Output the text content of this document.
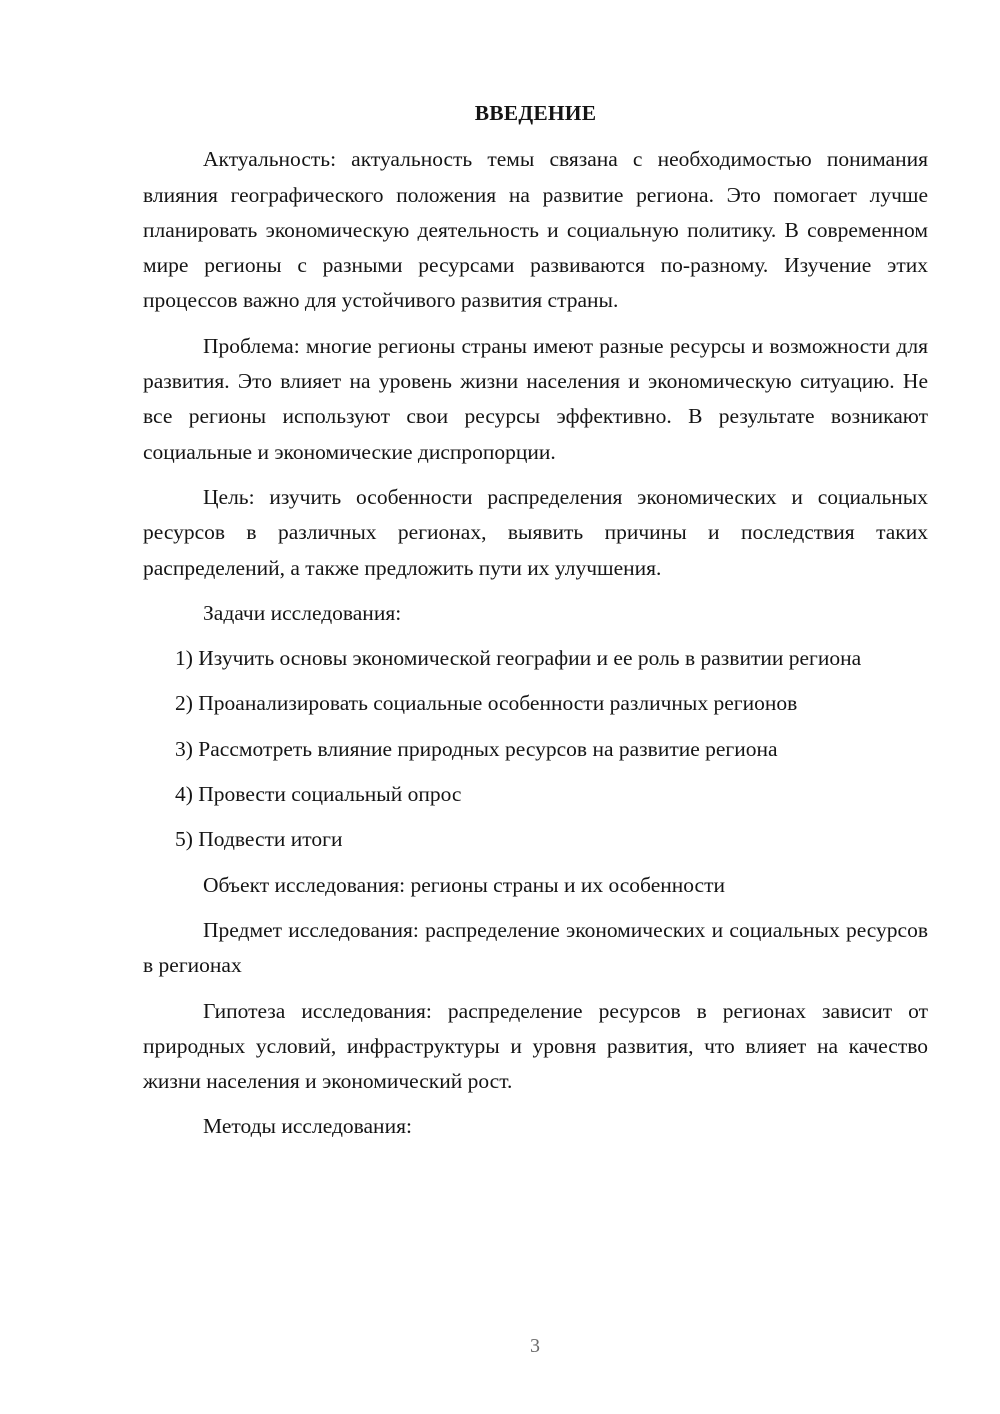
ВВЕДЕНИЕ

Актуальность: актуальность темы связана с необходимостью понимания влияния географического положения на развитие региона. Это помогает лучше планировать экономическую деятельность и социальную политику. В современном мире регионы с разными ресурсами развиваются по-разному. Изучение этих процессов важно для устойчивого развития страны.

Проблема: многие регионы страны имеют разные ресурсы и возможности для развития. Это влияет на уровень жизни населения и экономическую ситуацию. Не все регионы используют свои ресурсы эффективно. В результате возникают социальные и экономические диспропорции.

Цель: изучить особенности распределения экономических и социальных ресурсов в различных регионах, выявить причины и последствия таких распределений, а также предложить пути их улучшения.

Задачи исследования:

1) Изучить основы экономической географии и ее роль в развитии региона

2) Проанализировать социальные особенности различных регионов

3) Рассмотреть влияние природных ресурсов на развитие региона

4) Провести социальный опрос

5) Подвести итоги

Объект исследования: регионы страны и их особенности

Предмет исследования: распределение экономических и социальных ресурсов в регионах

Гипотеза исследования: распределение ресурсов в регионах зависит от природных условий, инфраструктуры и уровня развития, что влияет на качество жизни населения и экономический рост.

Методы исследования:

3
